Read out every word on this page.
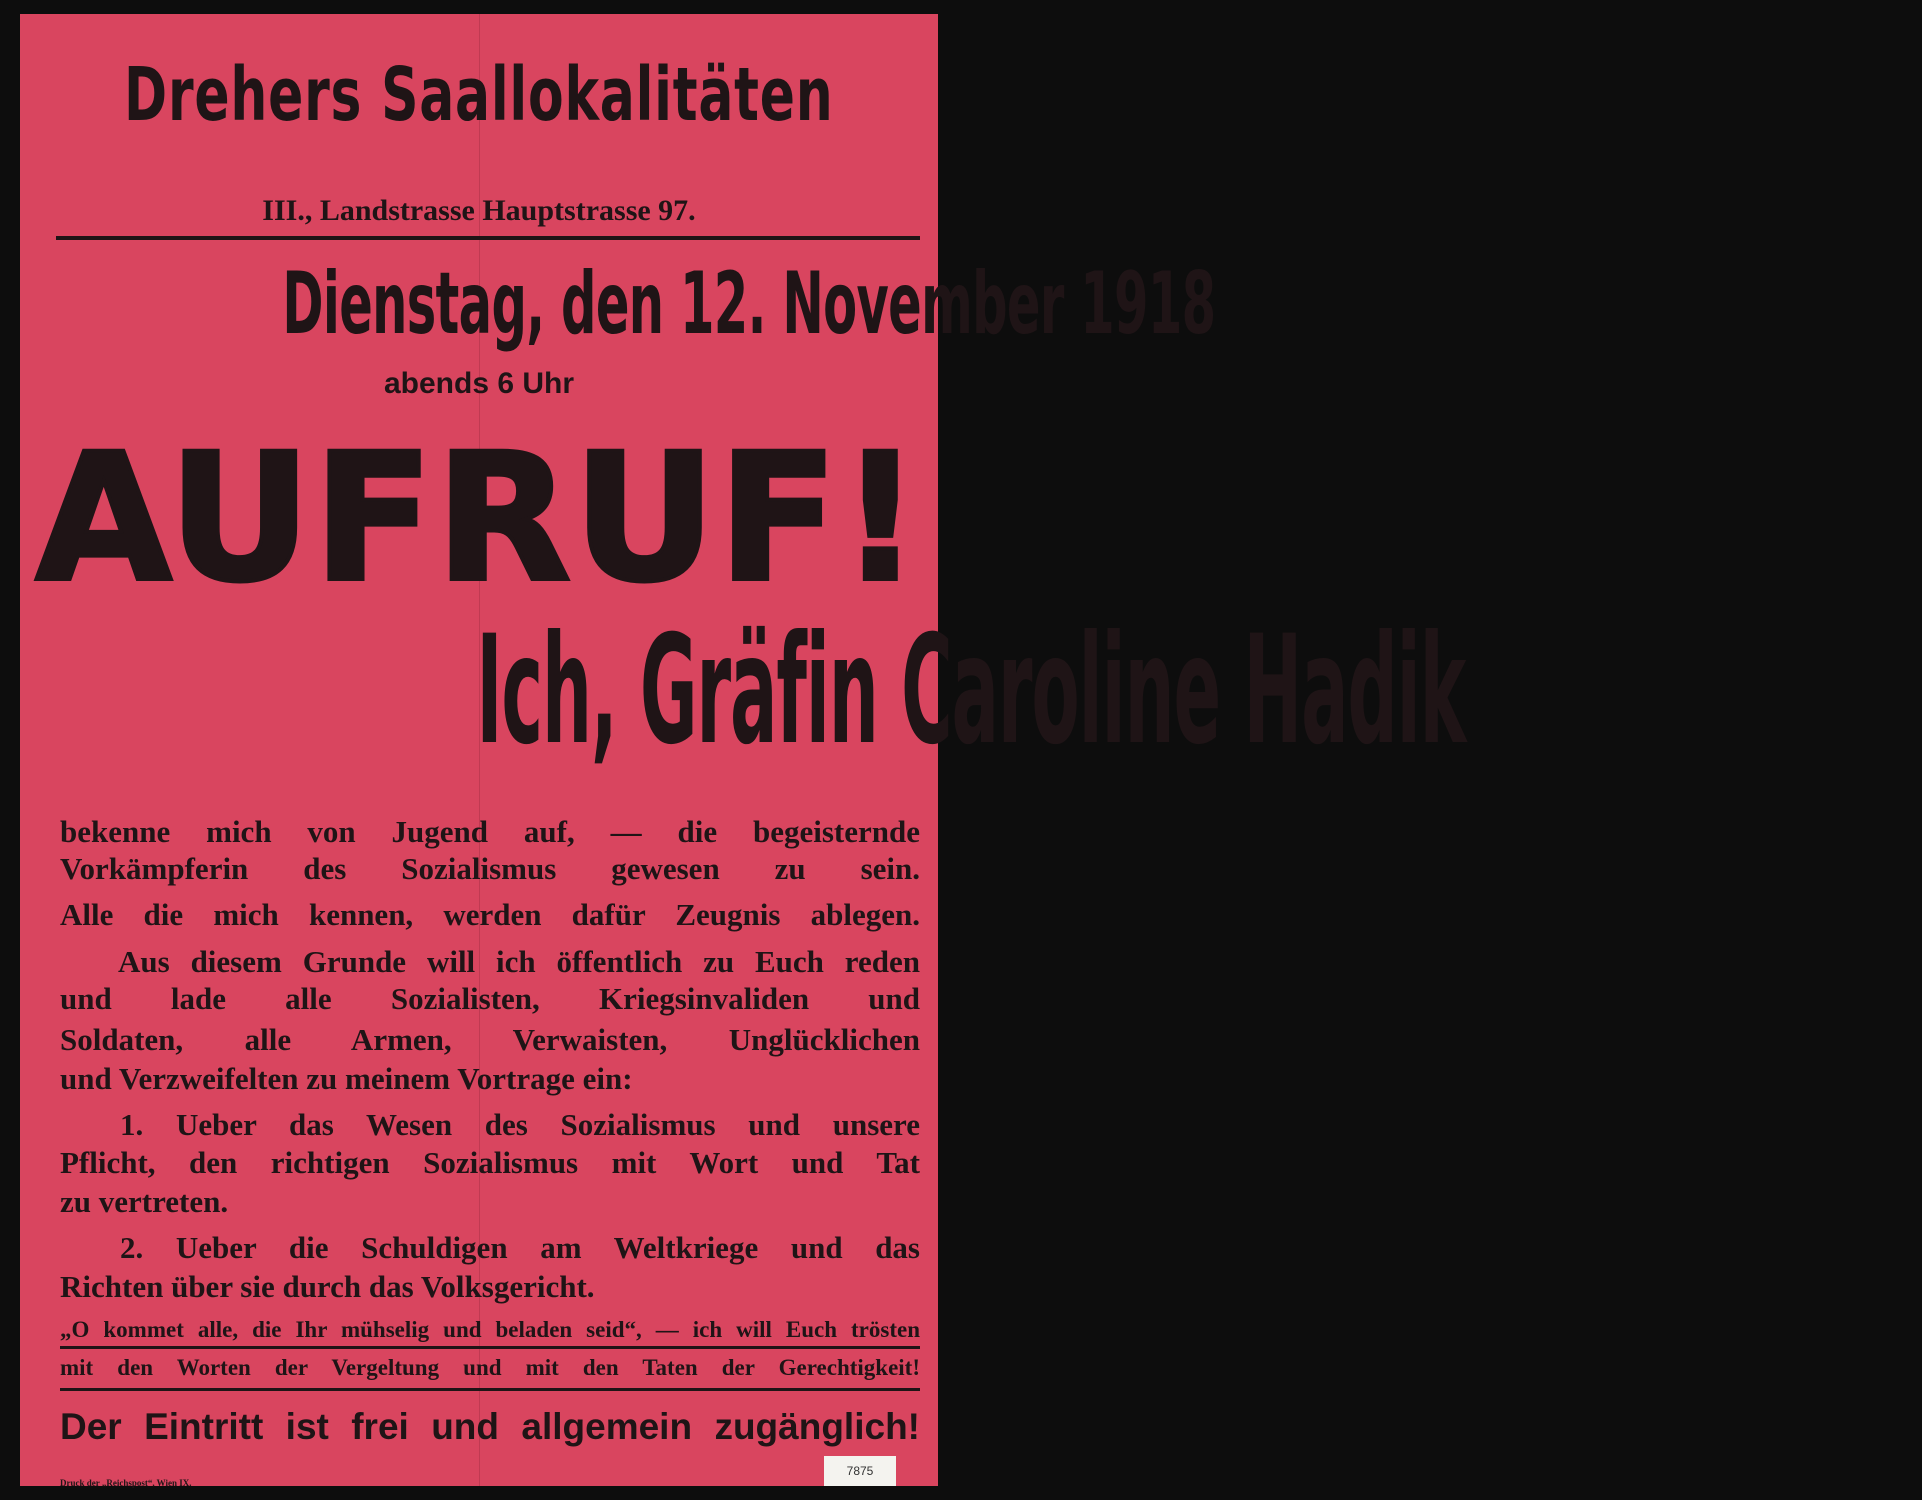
Drehers Saallokalitäten
III., Landstrasse Hauptstrasse 97.
Dienstag, den 12. November 1918
abends 6 Uhr
AUFRUF!
Ich, Gräfin Caroline Hadik
bekenne mich von Jugend auf, — die begeisternde
Vorkämpferin des Sozialismus gewesen zu sein.
Alle die mich kennen, werden dafür Zeugnis ablegen.
Aus diesem Grunde will ich öffentlich zu Euch reden
und lade alle Sozialisten, Kriegsinvaliden und
Soldaten, alle Armen, Verwaisten, Unglücklichen
und Verzweifelten zu meinem Vortrage ein:
1. Ueber das Wesen des Sozialismus und unsere
Pflicht, den richtigen Sozialismus mit Wort und Tat
zu vertreten.
2. Ueber die Schuldigen am Weltkriege und das
Richten über sie durch das Volksgericht.
„O kommet alle, die Ihr mühselig und beladen seid“, — ich will Euch trösten
mit den Worten der Vergeltung und mit den Taten der Gerechtigkeit!
Der Eintritt ist frei und allgemein zugänglich!
Druck der „Reichspost“, Wien IX.
7875
